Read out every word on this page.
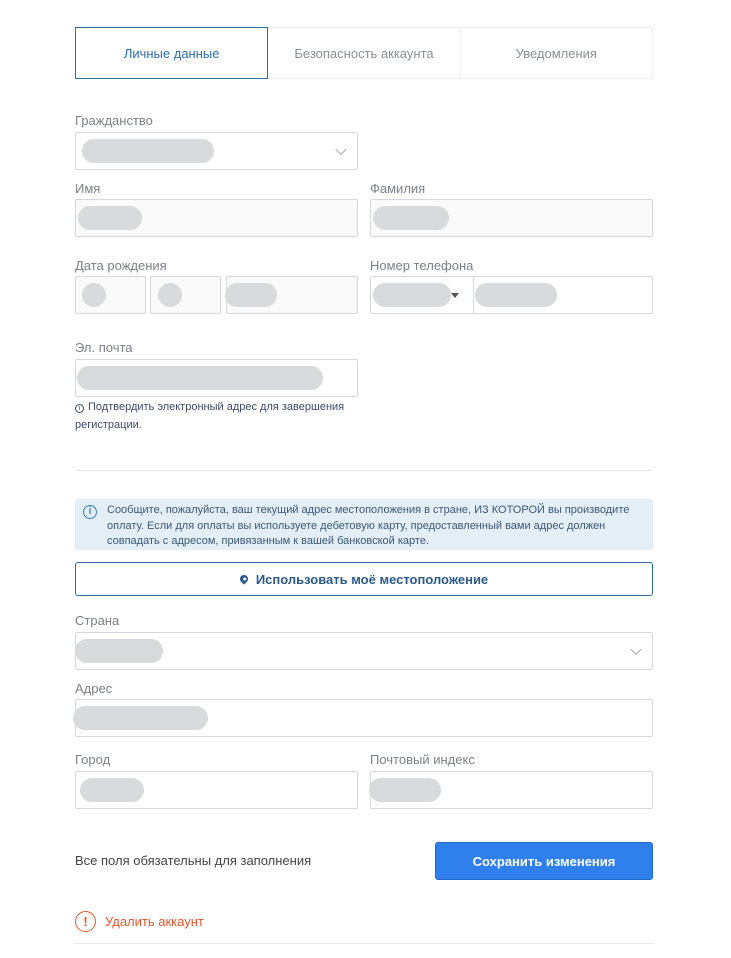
Личные данные	Безопасность аккаунта	Уведомления
Гражданство
Имя	Фамилия
Дата рождения	Номер телефона
Эл. почта
i Подтвердить электронный адрес для завершения регистрации.
i	Сообщите, пожалуйста, ваш текущий адрес местоположения в стране, ИЗ КОТОРОЙ вы производите оплату. Если для оплаты вы используете дебетовую карту, предоставленный вами адрес должен совпадать с адресом, привязанным к вашей банковской карте.
Использовать моё местоположение
Страна
Адрес
Город	Почтовый индекс
Все поля обязательны для заполнения	Сохранить изменения
!	Удалить аккаунт
